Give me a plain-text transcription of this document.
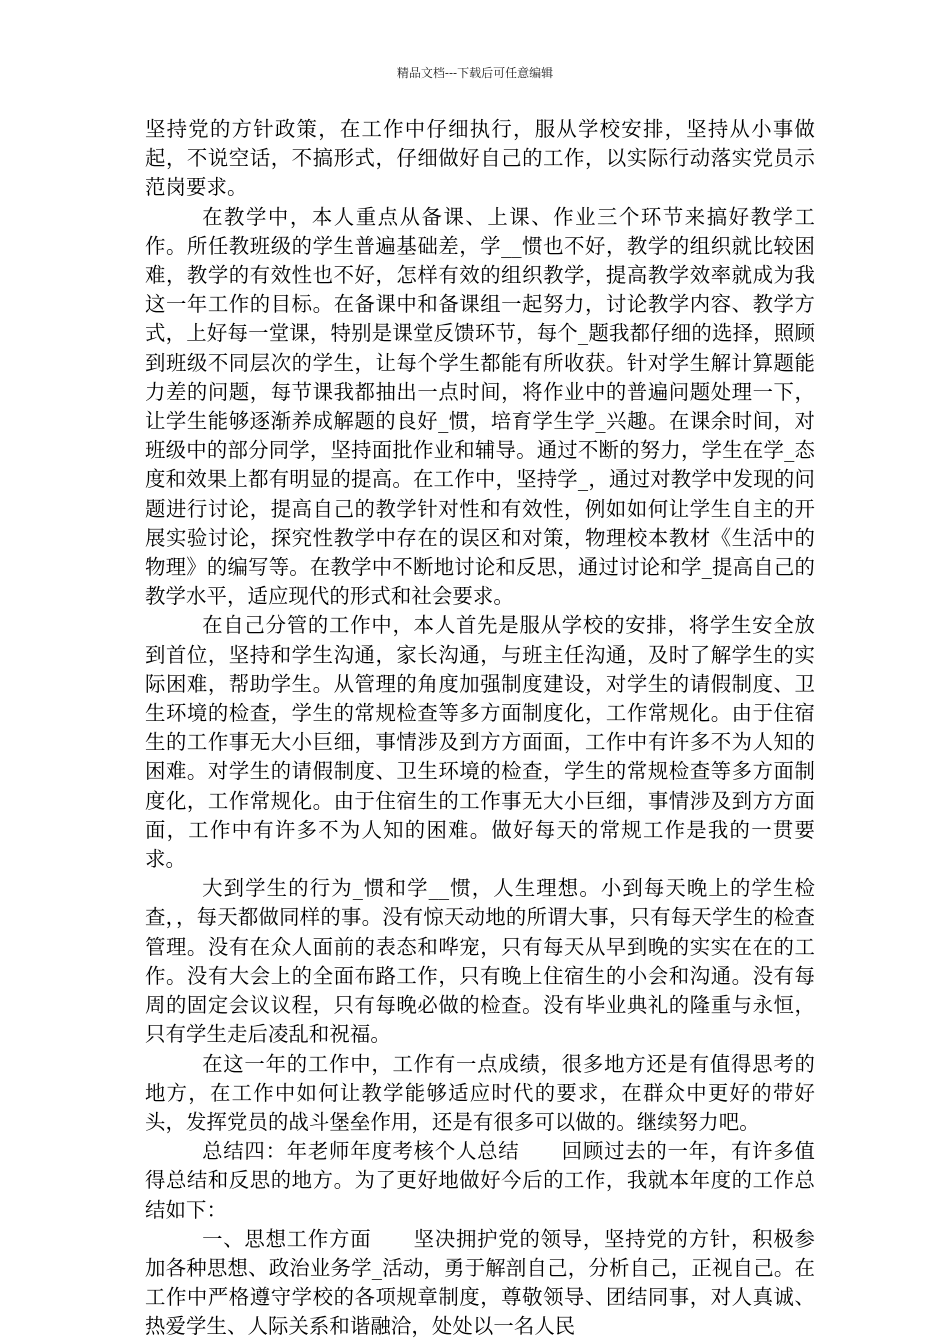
精品文档---下载后可任意编辑

坚持党的方针政策，在工作中仔细执行，服从学校安排，坚持从小事做起，不说空话，不搞形式，仔细做好自己的工作，以实际行动落实党员示范岗要求。

在教学中，本人重点从备课、上课、作业三个环节来搞好教学工作。所任教班级的学生普遍基础差，学__惯也不好，教学的组织就比较困难，教学的有效性也不好，怎样有效的组织教学，提高教学效率就成为我这一年工作的目标。在备课中和备课组一起努力，讨论教学内容、教学方式，上好每一堂课，特别是课堂反馈环节，每个_题我都仔细的选择，照顾到班级不同层次的学生，让每个学生都能有所收获。针对学生解计算题能力差的问题，每节课我都抽出一点时间，将作业中的普遍问题处理一下，让学生能够逐渐养成解题的良好_惯，培育学生学_兴趣。在课余时间，对班级中的部分同学，坚持面批作业和辅导。通过不断的努力，学生在学_态度和效果上都有明显的提高。在工作中，坚持学_，通过对教学中发现的问题进行讨论，提高自己的教学针对性和有效性，例如如何让学生自主的开展实验讨论，探究性教学中存在的误区和对策，物理校本教材《生活中的物理》的编写等。在教学中不断地讨论和反思，通过讨论和学_提高自己的教学水平，适应现代的形式和社会要求。

在自己分管的工作中，本人首先是服从学校的安排，将学生安全放到首位，坚持和学生沟通，家长沟通，与班主任沟通，及时了解学生的实际困难，帮助学生。从管理的角度加强制度建设，对学生的请假制度、卫生环境的检查，学生的常规检查等多方面制度化，工作常规化。由于住宿生的工作事无大小巨细，事情涉及到方方面面，工作中有许多不为人知的困难。对学生的请假制度、卫生环境的检查，学生的常规检查等多方面制度化，工作常规化。由于住宿生的工作事无大小巨细，事情涉及到方方面面，工作中有许多不为人知的困难。做好每天的常规工作是我的一贯要求。

大到学生的行为_惯和学__惯，人生理想。小到每天晚上的学生检查，，每天都做同样的事。没有惊天动地的所谓大事，只有每天学生的检查管理。没有在众人面前的表态和哗宠，只有每天从早到晚的实实在在的工作。没有大会上的全面布路工作，只有晚上住宿生的小会和沟通。没有每周的固定会议议程，只有每晚必做的检查。没有毕业典礼的隆重与永恒，只有学生走后凌乱和祝福。

在这一年的工作中，工作有一点成绩，很多地方还是有值得思考的地方，在工作中如何让教学能够适应时代的要求，在群众中更好的带好头，发挥党员的战斗堡垒作用，还是有很多可以做的。继续努力吧。

总结四：年老师年度考核个人总结　　回顾过去的一年，有许多值得总结和反思的地方。为了更好地做好今后的工作，我就本年度的工作总结如下：

一、思想工作方面　　坚决拥护党的领导，坚持党的方针，积极参加各种思想、政治业务学_活动，勇于解剖自己，分析自己，正视自己。在工作中严格遵守学校的各项规章制度，尊敬领导、团结同事，对人真诚、热爱学生、人际关系和谐融洽，处处以一名人民
